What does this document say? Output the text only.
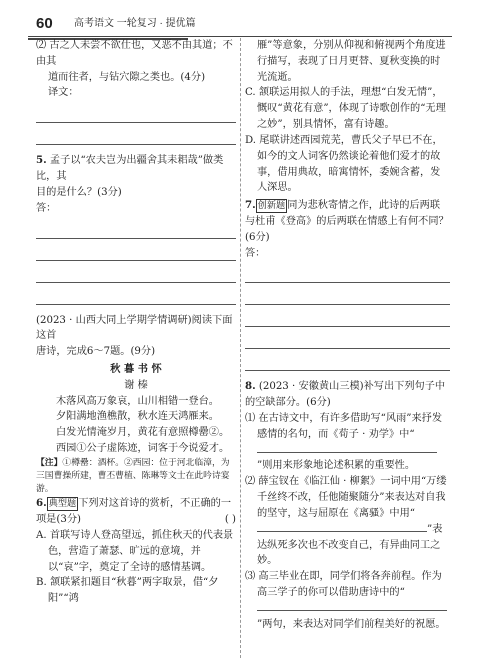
60 高考语文 一轮复习 · 提优篇

⑵ 古之人未尝不欲仕也，又恶不由其道；不由其

道而往者，与钻穴隙之类也。(4分)

译文：

5. 孟子以“农夫岂为出疆舍其耒耜哉”做类比，其

目的是什么？(3分)

答：

(2023 · 山西大同上学期学情调研)阅读下面这首

唐诗，完成6～7题。(9分)

秋 暮 书 怀

谢 榛

木落风高万象哀，山川相错一登台。

夕阳满地渔樵散，秋水连天鸿雁来。

白发光情淹岁月，黄花有意照樽罍②。

西园①公子虚陈迹，词客于今说爱才。

【注】①樽罍：酒杯。②西园：位于河北临漳，为三国曹操所建，曹丕曹植、陈琳等文士在此吟诗宴游。

6. 典型题 下列对这首诗的赏析，不正确的一项是(3分)	( )

A. 首联写诗人登高望远，抓住秋天的代表景色，营造了萧瑟、旷远的意境，并以“哀”字，奠定了全诗的感情基调。

B. 颔联紧扣题目“秋暮”两字取景，借“夕阳”“鸿

雁”等意象，分别从仰视和俯视两个角度进行描写，表现了日月更替、夏秋变换的时光流逝。

C. 颔联运用拟人的手法，理想“白发无情”，慨叹“黄花有意”，体现了诗歌创作的“无理之妙”，别具情怀，富有诗趣。

D. 尾联讲述西园荒芜，曹氏父子早已不在，如今的文人词客仍然谈论着他们爱才的故事，借用典故，暗寓情怀，委婉含蓄，发人深思。

7. 创新题 同为悲秋寄情之作，此诗的后两联与杜甫《登高》的后两联在情感上有何不同？(6分)

答：

8. (2023 · 安徽黄山三模)补写出下列句子中的空缺部分。(6分)

⑴ 在古诗文中，有许多借助写“风雨”来抒发感情的名句，而《荀子 · 劝学》中“”则用来形象地论述积累的重要性。

⑵ 薛宝钗在《临江仙 · 柳絮》一词中用“万缕千丝终不改，任他随聚随分”来表达对自我的坚守，这与屈原在《离骚》中用“”表达纵死多次也不改变自己，有异曲同工之妙。

⑶ 高三毕业在即，同学们将各奔前程。作为高三学子的你可以借助唐诗中的“”两句，来表达对同学们前程美好的祝愿。
